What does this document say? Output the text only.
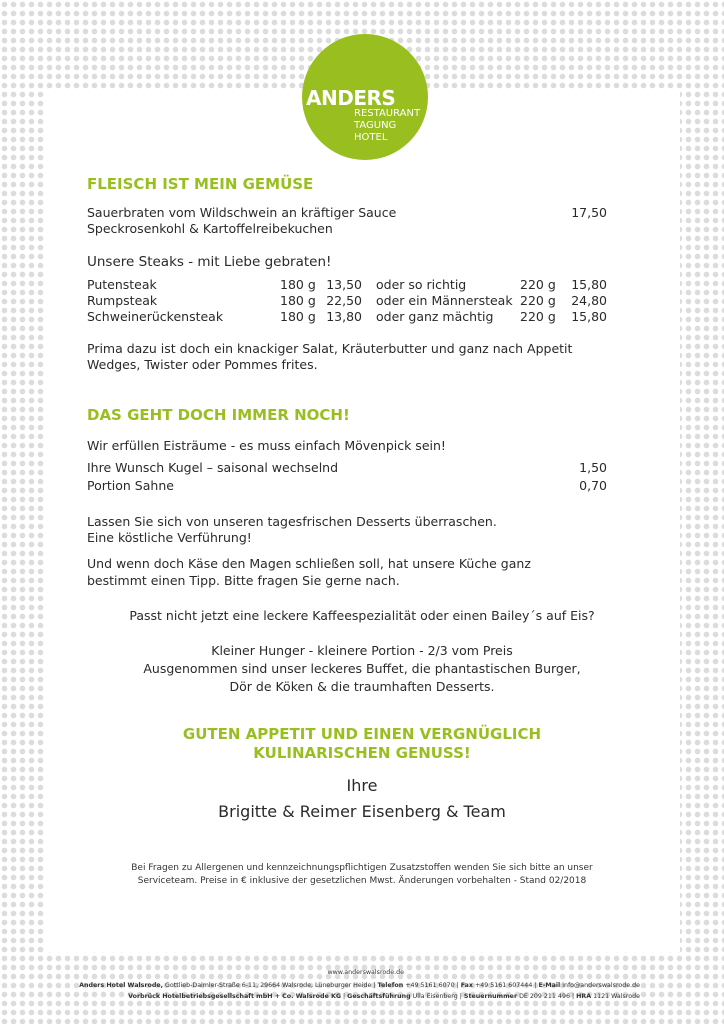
ANDERS
RESTAURANT
TAGUNG
HOTEL
FLEISCH IST MEIN GEMÜSE
Sauerbraten vom Wildschwein an kräftiger Sauce	17,50
Speckrosenkohl & Kartoffelreibekuchen
Unsere Steaks - mit Liebe gebraten!
Putensteak	180 g 13,50 oder so richtig	220 g	15,80
Rumpsteak	180 g 22,50 oder ein Männersteak 220 g	24,80
Schweinerückensteak	180 g 13,80 oder ganz mächtig 220 g	15,80
Prima dazu ist doch ein knackiger Salat, Kräuterbutter und ganz nach Appetit
Wedges, Twister oder Pommes frites.
DAS GEHT DOCH IMMER NOCH!
Wir erfüllen Eisträume - es muss einfach Mövenpick sein!
Ihre Wunsch Kugel – saisonal wechselnd	1,50
Portion Sahne	0,70
Lassen Sie sich von unseren tagesfrischen Desserts überraschen.
Eine köstliche Verführung!
Und wenn doch Käse den Magen schließen soll, hat unsere Küche ganz
bestimmt einen Tipp. Bitte fragen Sie gerne nach.
Passt nicht jetzt eine leckere Kaffeespezialität oder einen Bailey´s auf Eis?
Kleiner Hunger - kleinere Portion - 2/3 vom Preis
Ausgenommen sind unser leckeres Buffet, die phantastischen Burger,
Dör de Köken & die traumhaften Desserts.
GUTEN APPETIT UND EINEN VERGNÜGLICH
KULINARISCHEN GENUSS!
Ihre
Brigitte & Reimer Eisenberg & Team
Bei Fragen zu Allergenen und kennzeichnungspflichtigen Zusatzstoffen wenden Sie sich bitte an unser
Serviceteam. Preise in € inklusive der gesetzlichen Mwst. Änderungen vorbehalten - Stand 02/2018
www.anderswalsrode.de
Anders Hotel Walsrode, Gottlieb-Daimler-Straße 6-11, 29664 Walsrode, Lüneburger Heide | Telefon +49 5161 6070 | Fax +49 5161 607444 | E-Mail info@anderswalsrode.de
Vorbrück Hotelbetriebsgesellschaft mbH + Co. Walsrode KG | Geschäftsführung Ulla Eisenberg | Steuernummer DE 209 211 496 | HRA 1121 Walsrode
